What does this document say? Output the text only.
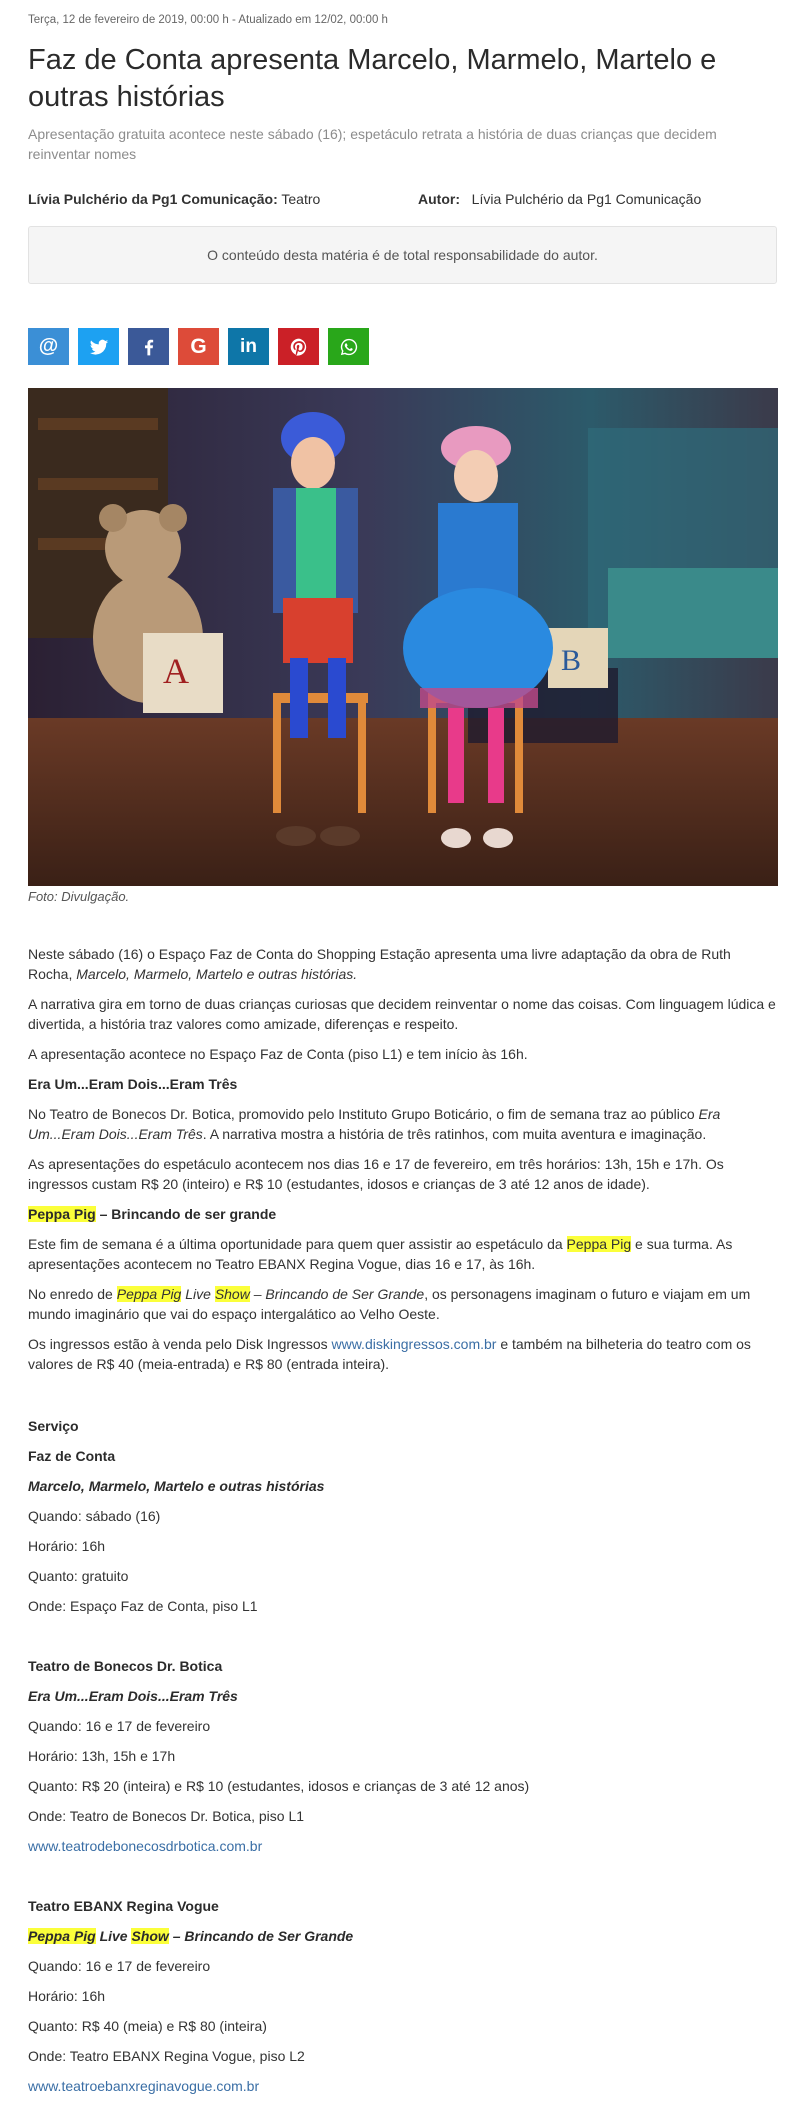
Terça, 12 de fevereiro de 2019, 00:00 h - Atualizado em 12/02, 00:00 h
Faz de Conta apresenta Marcelo, Marmelo, Martelo e outras histórias
Apresentação gratuita acontece neste sábado (16); espetáculo retrata a história de duas crianças que decidem reinventar nomes
Lívia Pulchério da Pg1 Comunicação: Teatro	Autor: Lívia Pulchério da Pg1 Comunicação
O conteúdo desta matéria é de total responsabilidade do autor.
@	G in
A	B
Foto: Divulgação.

Neste sábado (16) o Espaço Faz de Conta do Shopping Estação apresenta uma livre adaptação da obra de Ruth Rocha, Marcelo, Marmelo, Martelo e outras histórias.

A narrativa gira em torno de duas crianças curiosas que decidem reinventar o nome das coisas. Com linguagem lúdica e divertida, a história traz valores como amizade, diferenças e respeito.

A apresentação acontece no Espaço Faz de Conta (piso L1) e tem início às 16h.

Era Um...Eram Dois...Eram Três

No Teatro de Bonecos Dr. Botica, promovido pelo Instituto Grupo Boticário, o fim de semana traz ao público Era Um...Eram Dois...Eram Três. A narrativa mostra a história de três ratinhos, com muita aventura e imaginação.

As apresentações do espetáculo acontecem nos dias 16 e 17 de fevereiro, em três horários: 13h, 15h e 17h. Os ingressos custam R$ 20 (inteiro) e R$ 10 (estudantes, idosos e crianças de 3 até 12 anos de idade).

Peppa Pig – Brincando de ser grande

Este fim de semana é a última oportunidade para quem quer assistir ao espetáculo da Peppa Pig e sua turma. As apresentações acontecem no Teatro EBANX Regina Vogue, dias 16 e 17, às 16h.

No enredo de Peppa Pig Live Show – Brincando de Ser Grande, os personagens imaginam o futuro e viajam em um mundo imaginário que vai do espaço intergalático ao Velho Oeste.

Os ingressos estão à venda pelo Disk Ingressos www.diskingressos.com.br e também na bilheteria do teatro com os valores de R$ 40 (meia-entrada) e R$ 80 (entrada inteira).

Serviço
Faz de Conta
Marcelo, Marmelo, Martelo e outras histórias
Quando: sábado (16)
Horário: 16h
Quanto: gratuito
Onde: Espaço Faz de Conta, piso L1
Teatro de Bonecos Dr. Botica
Era Um...Eram Dois...Eram Três
Quando: 16 e 17 de fevereiro
Horário: 13h, 15h e 17h
Quanto: R$ 20 (inteira) e R$ 10 (estudantes, idosos e crianças de 3 até 12 anos)
Onde: Teatro de Bonecos Dr. Botica, piso L1
www.teatrodebonecosdrbotica.com.br
Teatro EBANX Regina Vogue
Peppa Pig Live Show – Brincando de Ser Grande
Quando: 16 e 17 de fevereiro
Horário: 16h
Quanto: R$ 40 (meia) e R$ 80 (inteira)
Onde: Teatro EBANX Regina Vogue, piso L2
www.teatroebanxreginavogue.com.br
